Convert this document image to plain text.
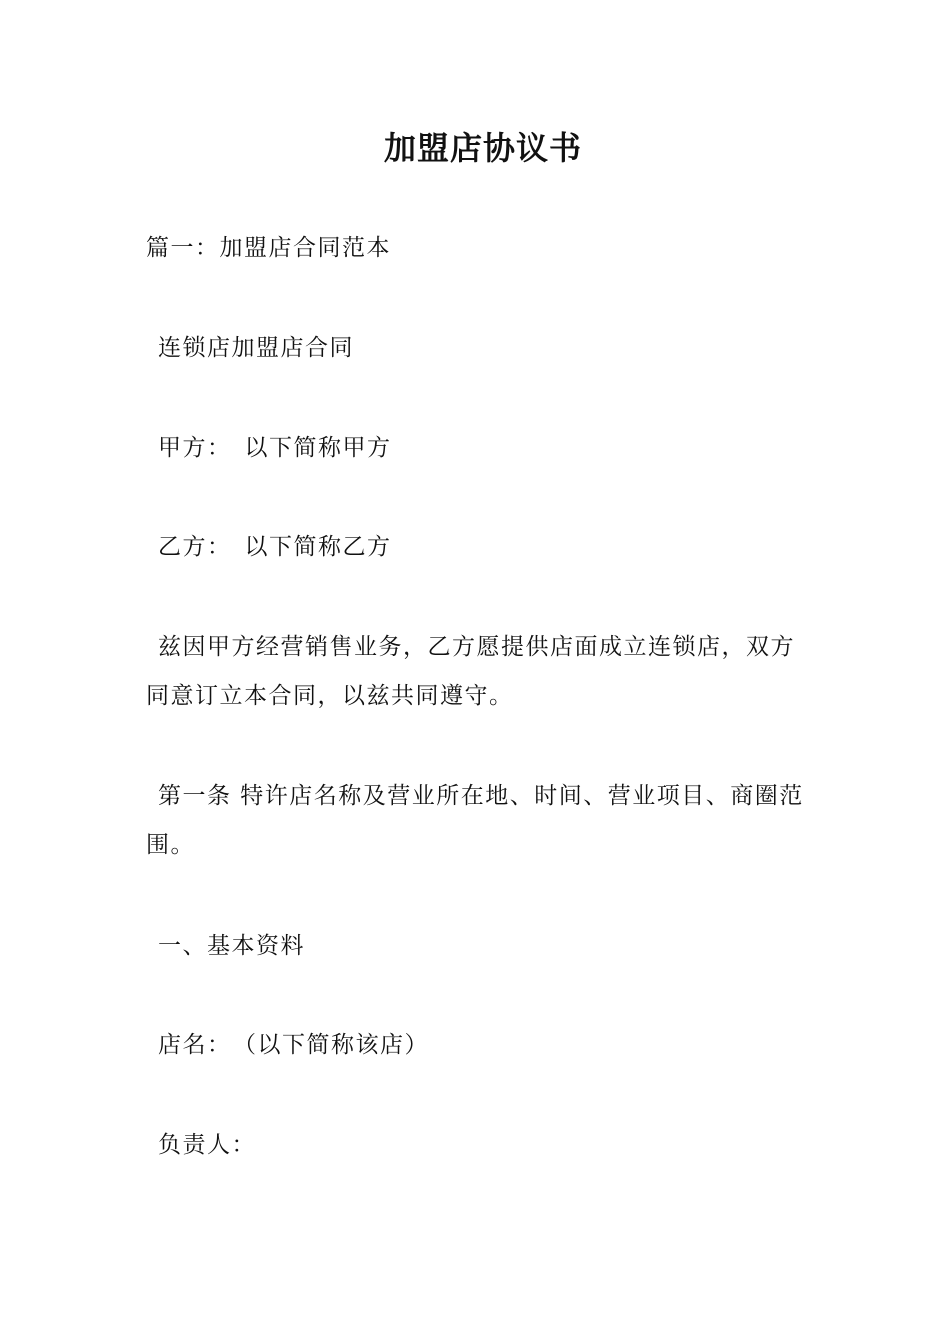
加盟店协议书
篇一：加盟店合同范本
连锁店加盟店合同
甲方：　以下简称甲方
乙方：　以下简称乙方
兹因甲方经营销售业务，乙方愿提供店面成立连锁店，双方同意订立本合同，以兹共同遵守。
第一条 特许店名称及营业所在地、时间、营业项目、商圈范围。
一、基本资料
店名：　（以下简称该店）
负责人：
